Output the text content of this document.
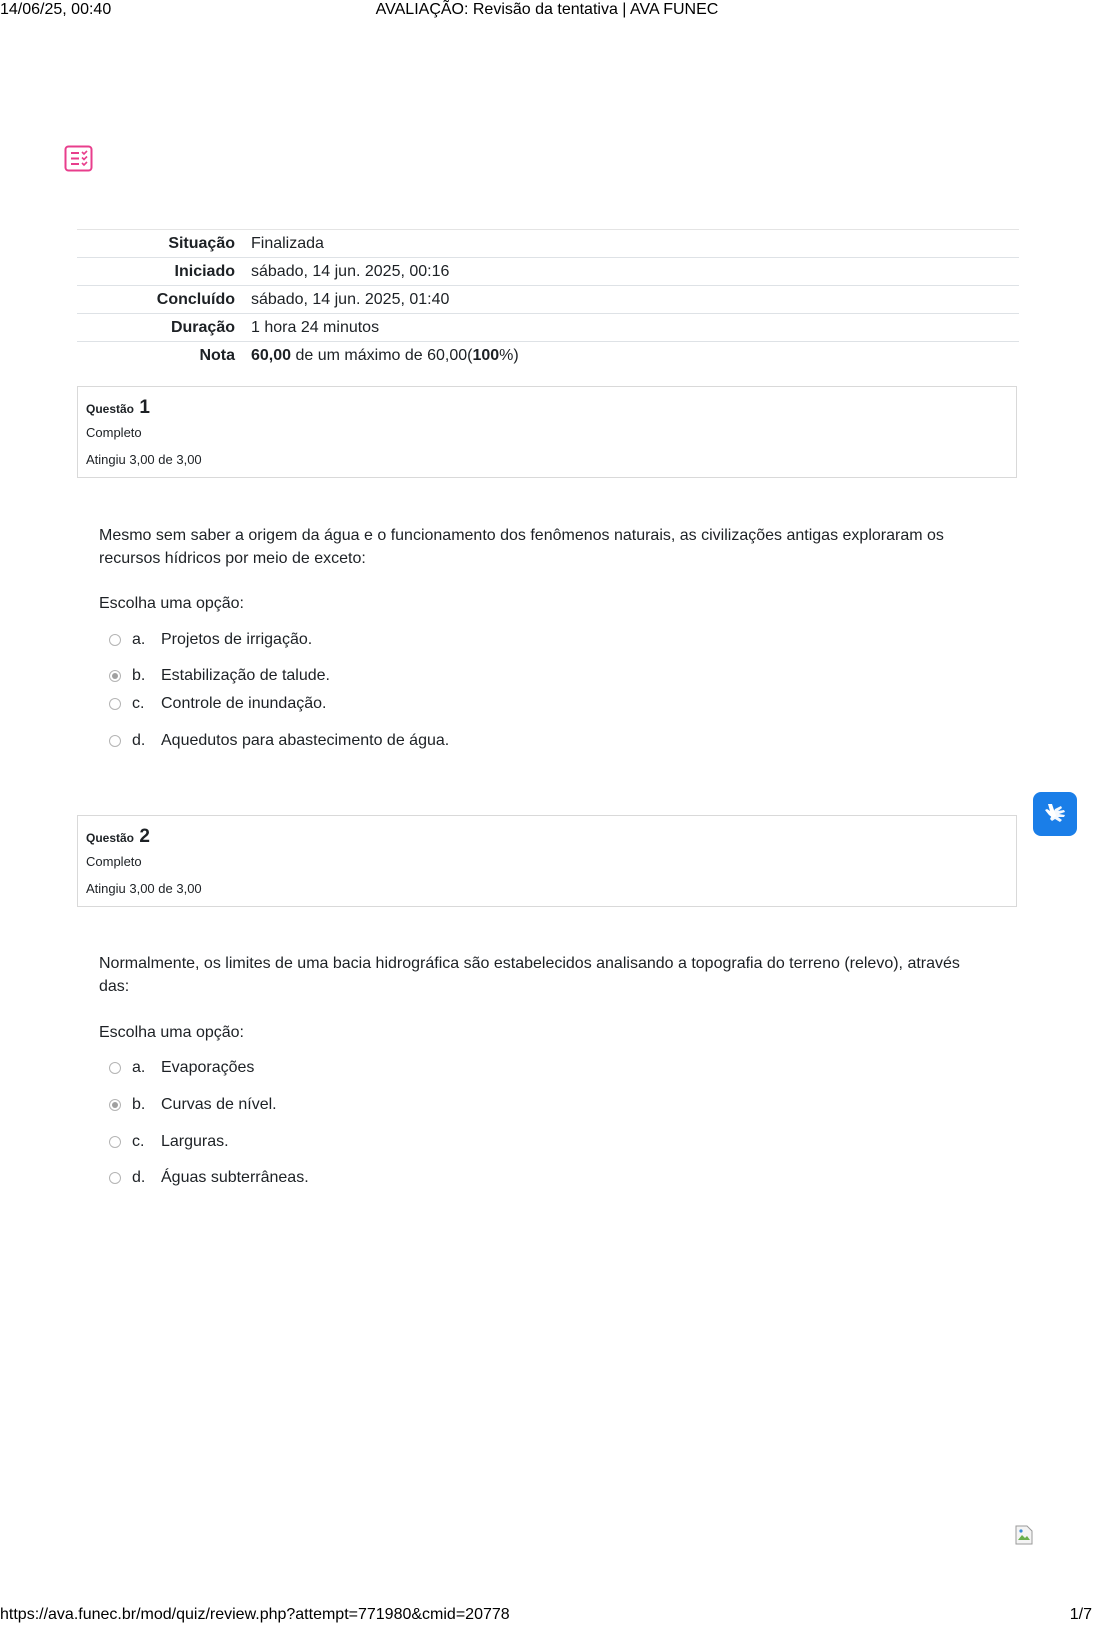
14/06/25, 00:40	AVALIAÇÃO: Revisão da tentativa | AVA FUNEC
Situação	Finalizada
Iniciado	sábado, 14 jun. 2025, 00:16
Concluído	sábado, 14 jun. 2025, 01:40
Duração	1 hora 24 minutos
Nota	60,00 de um máximo de 60,00(100%)
Questão 1
Completo
Atingiu 3,00 de 3,00
Mesmo sem saber a origem da água e o funcionamento dos fenômenos naturais, as civilizações antigas exploraram os recursos hídricos por meio de exceto:
Escolha uma opção:
a. Projetos de irrigação.
b. Estabilização de talude.
c.	Controle de inundação.
d. Aquedutos para abastecimento de água.
Questão 2
Completo
Atingiu 3,00 de 3,00
Normalmente, os limites de uma bacia hidrográfica são estabelecidos analisando a topografia do terreno (relevo), através das:
Escolha uma opção:
a. Evaporações
b. Curvas de nível.
c.	Larguras.
d. Águas subterrâneas.
https://ava.funec.br/mod/quiz/review.php?attempt=771980&cmid=20778	1/7
